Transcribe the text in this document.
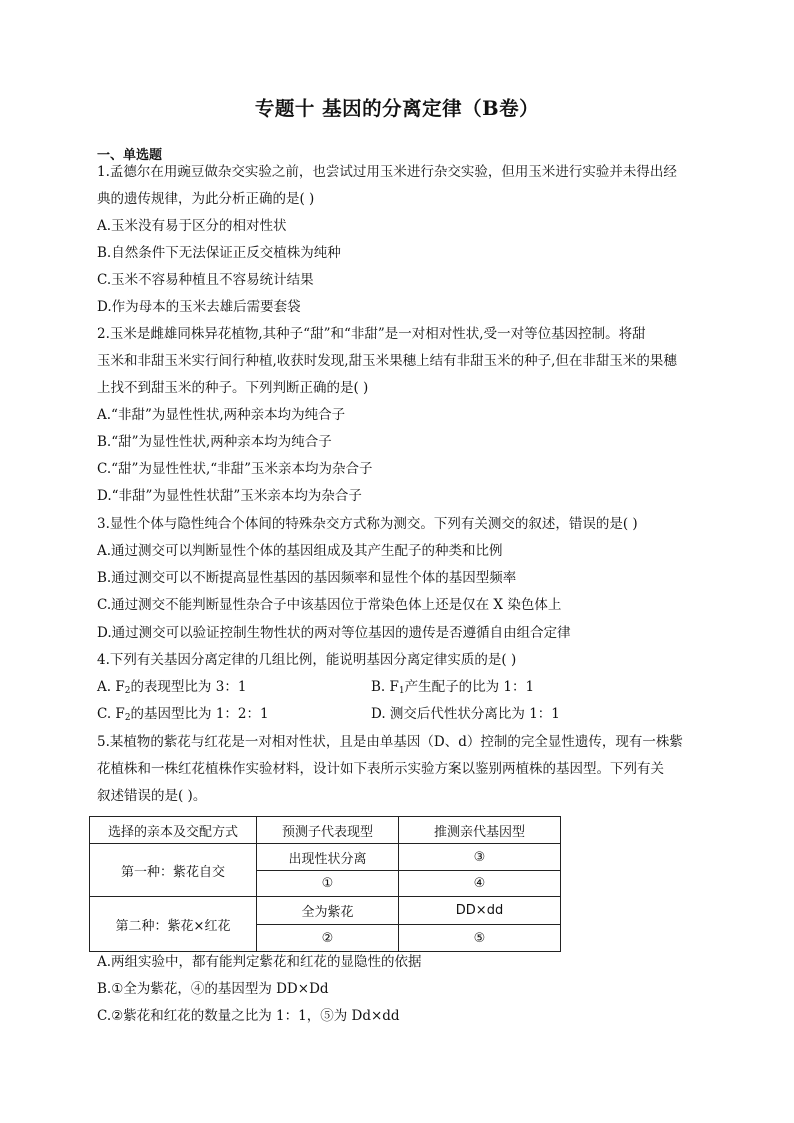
专题十 基因的分离定律（B卷）
一、单选题
1.孟德尔在用豌豆做杂交实验之前，也尝试过用玉米进行杂交实验，但用玉米进行实验并未得出经
典的遗传规律，为此分析正确的是( )
A.玉米没有易于区分的相对性状
B.自然条件下无法保证正反交植株为纯种
C.玉米不容易种植且不容易统计结果
D.作为母本的玉米去雄后需要套袋
2.玉米是雌雄同株异花植物,其种子“甜”和“非甜”是一对相对性状,受一对等位基因控制。将甜
玉米和非甜玉米实行间行种植,收获时发现,甜玉米果穗上结有非甜玉米的种子,但在非甜玉米的果穗
上找不到甜玉米的种子。下列判断正确的是( )
A.“非甜”为显性性状,两种亲本均为纯合子
B.“甜”为显性性状,两种亲本均为纯合子
C.“甜”为显性性状,“非甜”玉米亲本均为杂合子
D.“非甜”为显性性状甜”玉米亲本均为杂合子
3.显性个体与隐性纯合个体间的特殊杂交方式称为测交。下列有关测交的叙述，错误的是( )
A.通过测交可以判断显性个体的基因组成及其产生配子的种类和比例
B.通过测交可以不断提高显性基因的基因频率和显性个体的基因型频率
C.通过测交不能判断显性杂合子中该基因位于常染色体上还是仅在 X 染色体上
D.通过测交可以验证控制生物性状的两对等位基因的遗传是否遵循自由组合定律
4.下列有关基因分离定律的几组比例，能说明基因分离定律实质的是( )
A. $F_2$的表现型比为 3：1	B. $F_1$产生配子的比为 1：1
C. $F_2$的基因型比为 1：2：1	D. 测交后代性状分离比为 1：1
5.某植物的紫花与红花是一对相对性状，且是由单基因（D、d）控制的完全显性遗传，现有一株紫
花植株和一株红花植株作实验材料，设计如下表所示实验方案以鉴别两植株的基因型。下列有关
叙述错误的是( )。
选择的亲本及交配方式	预测子代表现型	推测亲代基因型
第一种：紫花自交	出现性状分离	③
	①	④
第二种：紫花×红花	全为紫花	DD×dd
	②	⑤
A.两组实验中，都有能判定紫花和红花的显隐性的依据
B.①全为紫花，④的基因型为 DD×Dd
C.②紫花和红花的数量之比为 1：1，⑤为 Dd×dd
